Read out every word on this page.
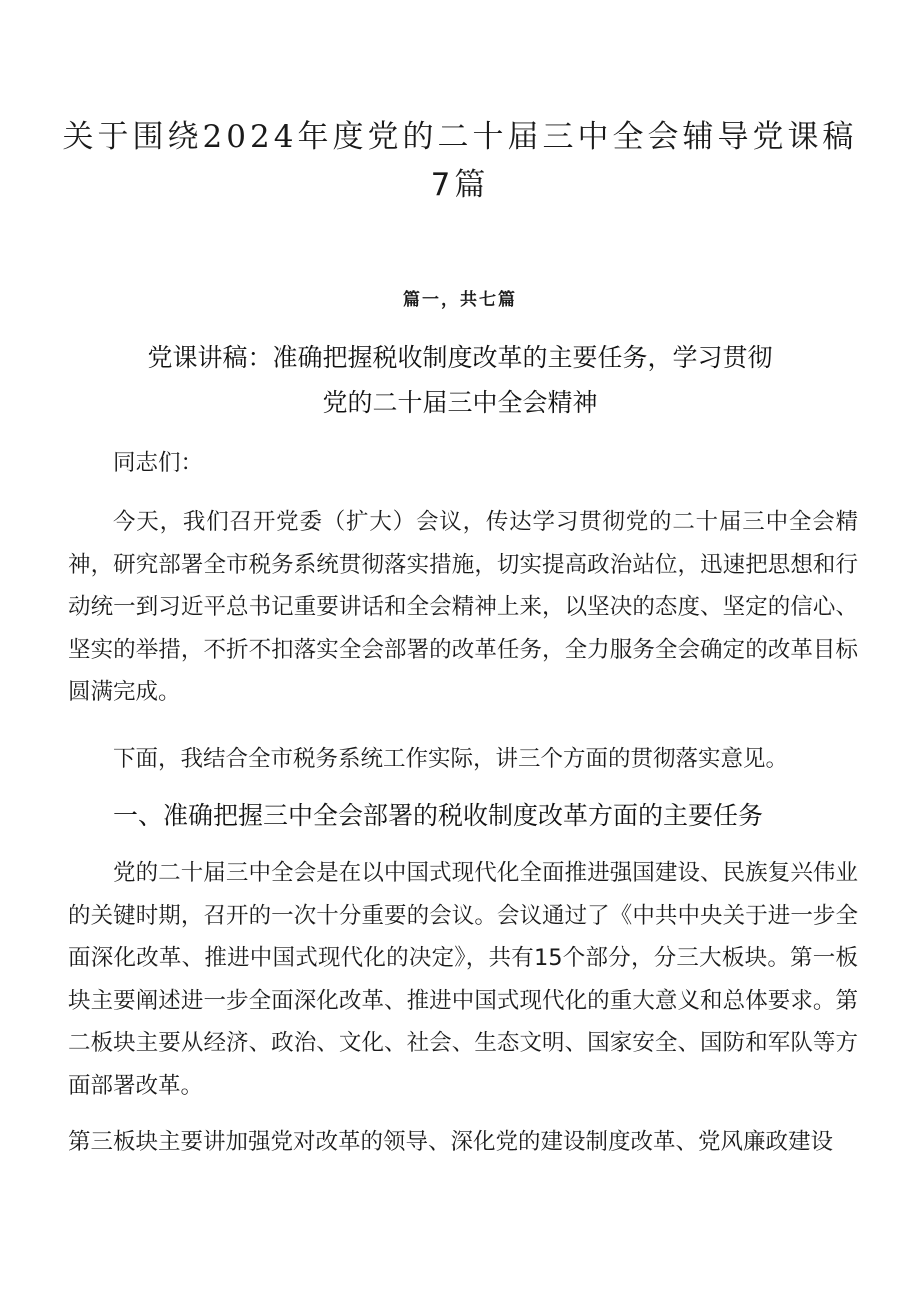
关于围绕2024年度党的二十届三中全会辅导党课稿
7篇
篇一，共七篇
党课讲稿：准确把握税收制度改革的主要任务，学习贯彻
党的二十届三中全会精神
同志们：
今天，我们召开党委（扩大）会议，传达学习贯彻党的二十届三中全会精神，研究部署全市税务系统贯彻落实措施，切实提高政治站位，迅速把思想和行动统一到习近平总书记重要讲话和全会精神上来，以坚决的态度、坚定的信心、坚实的举措，不折不扣落实全会部署的改革任务，全力服务全会确定的改革目标圆满完成。
下面，我结合全市税务系统工作实际，讲三个方面的贯彻落实意见。
一、准确把握三中全会部署的税收制度改革方面的主要任务
党的二十届三中全会是在以中国式现代化全面推进强国建设、民族复兴伟业的关键时期，召开的一次十分重要的会议。会议通过了《中共中央关于进一步全面深化改革、推进中国式现代化的决定》，共有15个部分，分三大板块。第一板块主要阐述进一步全面深化改革、推进中国式现代化的重大意义和总体要求。第二板块主要从经济、政治、文化、社会、生态文明、国家安全、国防和军队等方面部署改革。
第三板块主要讲加强党对改革的领导、深化党的建设制度改革、党风廉政建设
